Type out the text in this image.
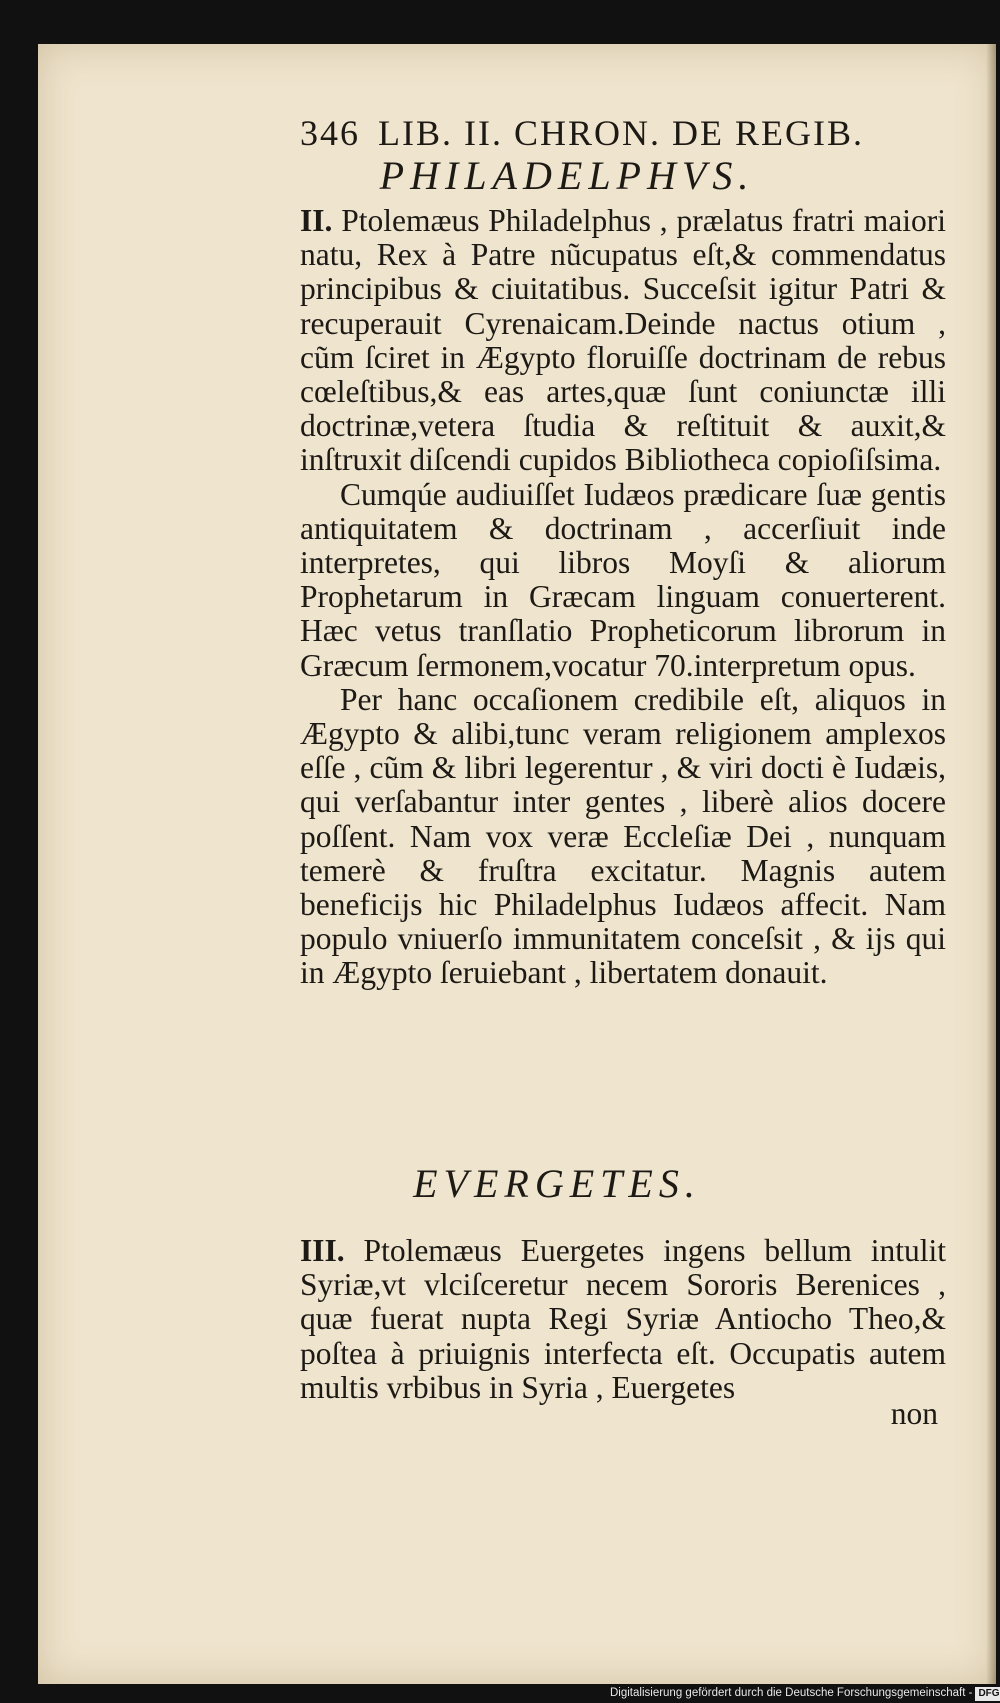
346 LIB. II. CHRON. DE REGIB.
PHILADELPHVS.

II. Ptolemæus Philadelphus , prælatus fratri maiori natu, Rex à Patre nũcupatus eſt,& commendatus principibus & ciuitatibus. Succeſsit igitur Patri & recuperauit Cyrenaicam.Deinde nactus otium , cũm ſciret in Ægypto floruiſſe doctrinam de rebus cœleſtibus,& eas artes,quæ ſunt coniunctæ illi doctrinæ,vetera ſtudia & reſtituit & auxit,& inſtruxit diſcendi cupidos Bibliotheca copioſiſsima.

Cumqúe audiuiſſet Iudæos prædicare ſuæ gentis antiquitatem & doctrinam , accerſiuit inde interpretes, qui libros Moyſi & aliorum Prophetarum in Græcam linguam conuerterent. Hæc vetus tranſlatio Propheticorum librorum in Græcum ſermonem,vocatur 70.interpretum opus.

Per hanc occaſionem credibile eſt, aliquos in Ægypto & alibi,tunc veram religionem amplexos eſſe , cũm & libri legerentur , & viri docti è Iudæis, qui verſabantur inter gentes , liberè alios docere poſſent. Nam vox veræ Eccleſiæ Dei , nunquam temerè & fruſtra excitatur. Magnis autem beneficijs hic Philadelphus Iudæos affecit. Nam populo vniuerſo immunitatem conceſsit , & ijs qui in Ægypto ſeruiebant , libertatem donauit.

EVERGETES.

III. Ptolemæus Euergetes ingens bellum intulit Syriæ,vt vlciſceretur necem Sororis Berenices , quæ fuerat nupta Regi Syriæ Antiocho Theo,& poſtea à priuignis interfecta eſt. Occupatis autem multis vrbibus in Syria , Euergetes

non
Digitalisierung gefördert durch die Deutsche Forschungsgemeinschaft - DFG
